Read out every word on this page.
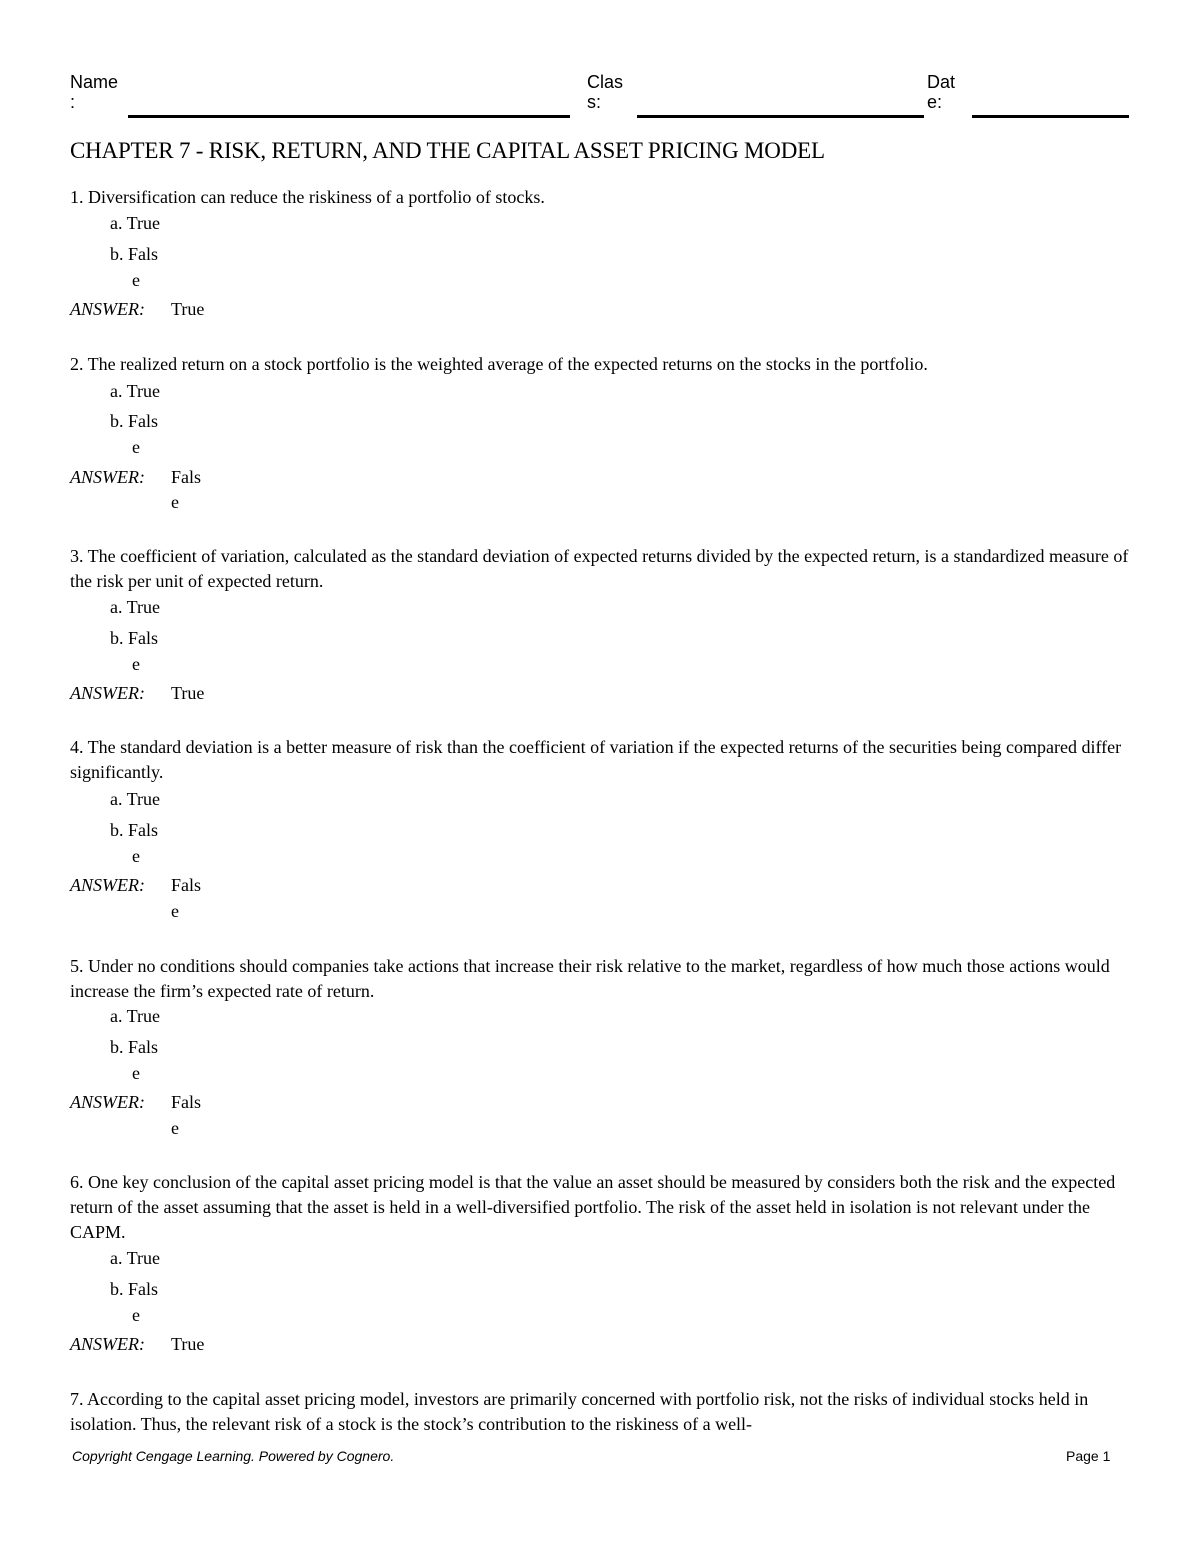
Name
:
Clas
s:
Dat
e:
CHAPTER 7 - RISK, RETURN, AND THE CAPITAL ASSET PRICING MODEL
1. Diversification can reduce the riskiness of a portfolio of stocks.
a. True
b. Fals
e
ANSWER: True
2. The realized return on a stock portfolio is the weighted average of the expected returns on the stocks in the portfolio.
a. True
b. Fals
e
ANSWER: Fals
e
3. The coefficient of variation, calculated as the standard deviation of expected returns divided by the expected return, is a standardized measure of the risk per unit of expected return.
a. True
b. Fals
e
ANSWER: True
4. The standard deviation is a better measure of risk than the coefficient of variation if the expected returns of the securities being compared differ significantly.
a. True
b. Fals
e
ANSWER: Fals
e
5. Under no conditions should companies take actions that increase their risk relative to the market, regardless of how much those actions would increase the firm’s expected rate of return.
a. True
b. Fals
e
ANSWER: Fals
e
6. One key conclusion of the capital asset pricing model is that the value an asset should be measured by considers both the risk and the expected return of the asset assuming that the asset is held in a well-diversified portfolio. The risk of the asset held in isolation is not relevant under the CAPM.
a. True
b. Fals
e
ANSWER: True
7. According to the capital asset pricing model, investors are primarily concerned with portfolio risk, not the risks of individual stocks held in isolation. Thus, the relevant risk of a stock is the stock’s contribution to the riskiness of a well-
Copyright Cengage Learning. Powered by Cognero.	Page 1
